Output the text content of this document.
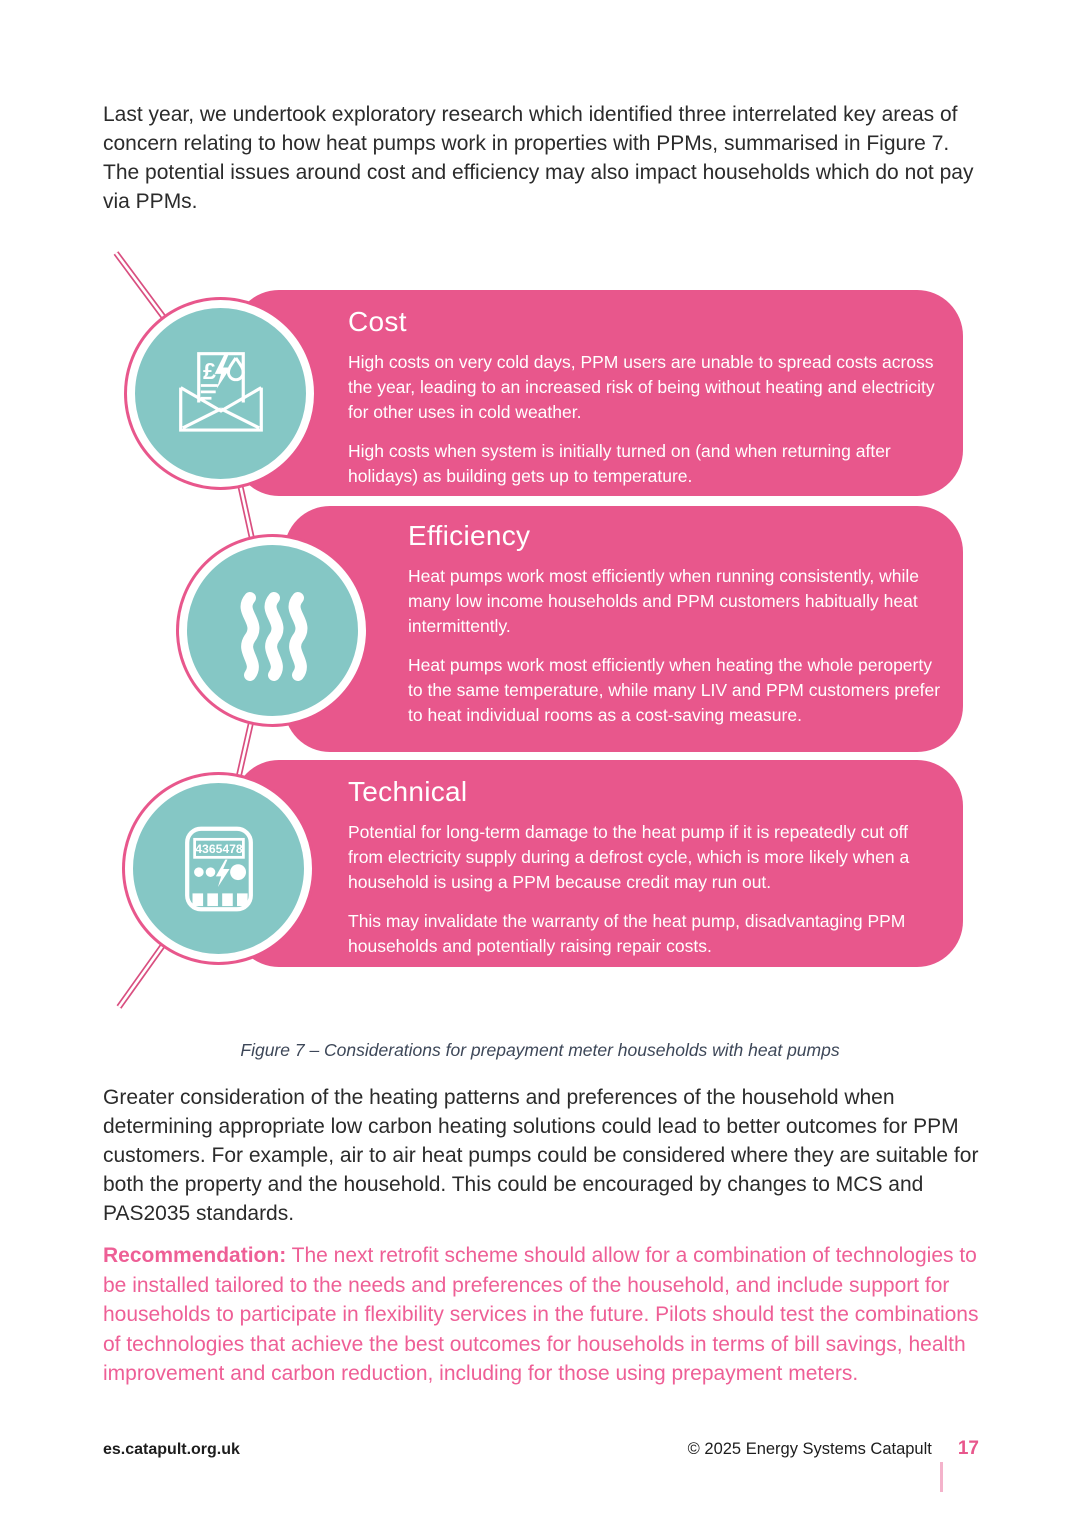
Last year, we undertook exploratory research which identified three interrelated key areas of concern relating to how heat pumps work in properties with PPMs, summarised in Figure 7. The potential issues around cost and efficiency may also impact households which do not pay via PPMs.

Cost

High costs on very cold days, PPM users are unable to spread costs across the year, leading to an increased risk of being without heating and electricity for other uses in cold weather.

High costs when system is initially turned on (and when returning after holidays) as building gets up to temperature.

Efficiency

Heat pumps work most efficiently when running consistently, while many low income households and PPM customers habitually heat intermittently.

Heat pumps work most efficiently when heating the whole peroperty to the same temperature, while many LIV and PPM customers prefer to heat individual rooms as a cost-saving measure.

Technical

Potential for long-term damage to the heat pump if it is repeatedly cut off from electricity supply during a defrost cycle, which is more likely when a household is using a PPM because credit may run out.

This may invalidate the warranty of the heat pump, disadvantaging PPM households and potentially raising repair costs.

£
4365478

Figure 7 – Considerations for prepayment meter households with heat pumps

Greater consideration of the heating patterns and preferences of the household when determining appropriate low carbon heating solutions could lead to better outcomes for PPM customers. For example, air to air heat pumps could be considered where they are suitable for both the property and the household. This could be encouraged by changes to MCS and PAS2035 standards.

Recommendation: The next retrofit scheme should allow for a combination of technologies to be installed tailored to the needs and preferences of the household, and include support for households to participate in flexibility services in the future. Pilots should test the combinations of technologies that achieve the best outcomes for households in terms of bill savings, health improvement and carbon reduction, including for those using prepayment meters.

es.catapult.org.uk	© 2025 Energy Systems Catapult 17
